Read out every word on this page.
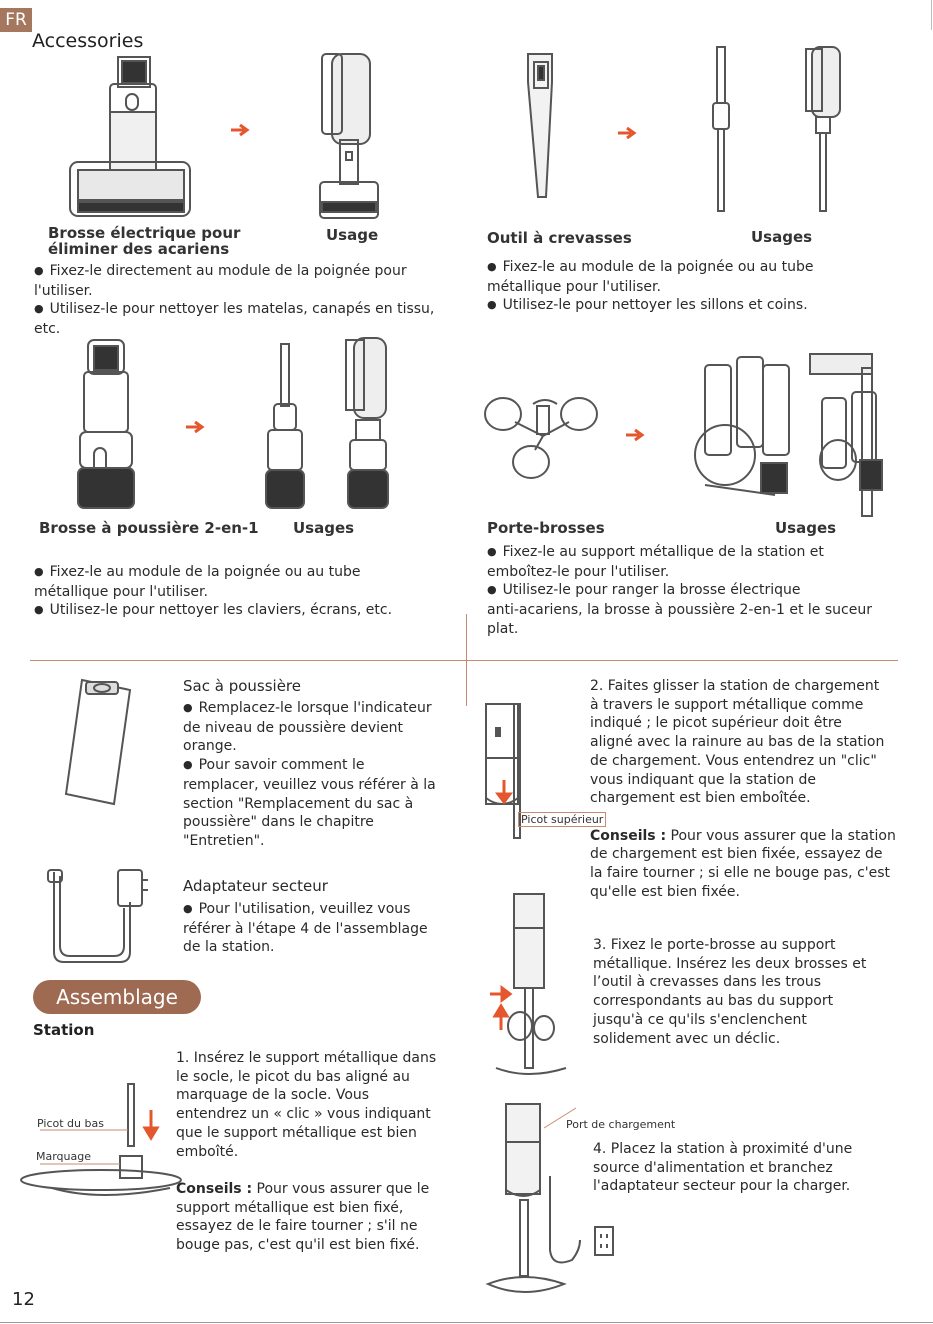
FR
Accessories
Brosse électrique pour
éliminer des acariens
Usage
● Fixez-le directement au module de la poignée pour
l'utiliser.
● Utilisez-le pour nettoyer les matelas, canapés en tissu,
etc.
Outil à crevasses	Usages
● Fixez-le au module de la poignée ou au tube
métallique pour l'utiliser.
● Utilisez-le pour nettoyer les sillons et coins.
Brosse à poussière 2-en-1 Usages
● Fixez-le au module de la poignée ou au tube
métallique pour l'utiliser.
● Utilisez-le pour nettoyer les claviers, écrans, etc.
Porte-brosses	Usages
● Fixez-le au support métallique de la station et
emboîtez-le pour l'utiliser.
● Utilisez-le pour ranger la brosse électrique
anti-acariens, la brosse à poussière 2-en-1 et le suceur
plat.
Sac à poussière
● Remplacez-le lorsque l'indicateur
de niveau de poussière devient
orange.
● Pour savoir comment le
remplacer, veuillez vous référer à la
section "Remplacement du sac à
poussière" dans le chapitre
"Entretien".
Adaptateur secteur
● Pour l'utilisation, veuillez vous
référer à l'étape 4 de l'assemblage
de la station.
Assemblage
Station
Picot du bas
Marquage
1. Insérez le support métallique dans
le socle, le picot du bas aligné au
marquage de la socle. Vous
entendrez un « clic » vous indiquant
que le support métallique est bien
emboîté.
Conseils : Pour vous assurer que le
support métallique est bien fixé,
essayez de le faire tourner ; s'il ne
bouge pas, c'est qu'il est bien fixé.
Picot supérieur
2. Faites glisser la station de chargement
à travers le support métallique comme
indiqué ; le picot supérieur doit être
aligné avec la rainure au bas de la station
de chargement. Vous entendrez un "clic"
vous indiquant que la station de
chargement est bien emboîtée.
Conseils : Pour vous assurer que la station
de chargement est bien fixée, essayez de
la faire tourner ; si elle ne bouge pas, c'est
qu'elle est bien fixée.
3. Fixez le porte-brosse au support
métallique. Insérez les deux brosses et
l’outil à crevasses dans les trous
correspondants au bas du support
jusqu'à ce qu'ils s'enclenchent
solidement avec un déclic.
Port de chargement
4. Placez la station à proximité d'une
source d'alimentation et branchez
l'adaptateur secteur pour la charger.
12
